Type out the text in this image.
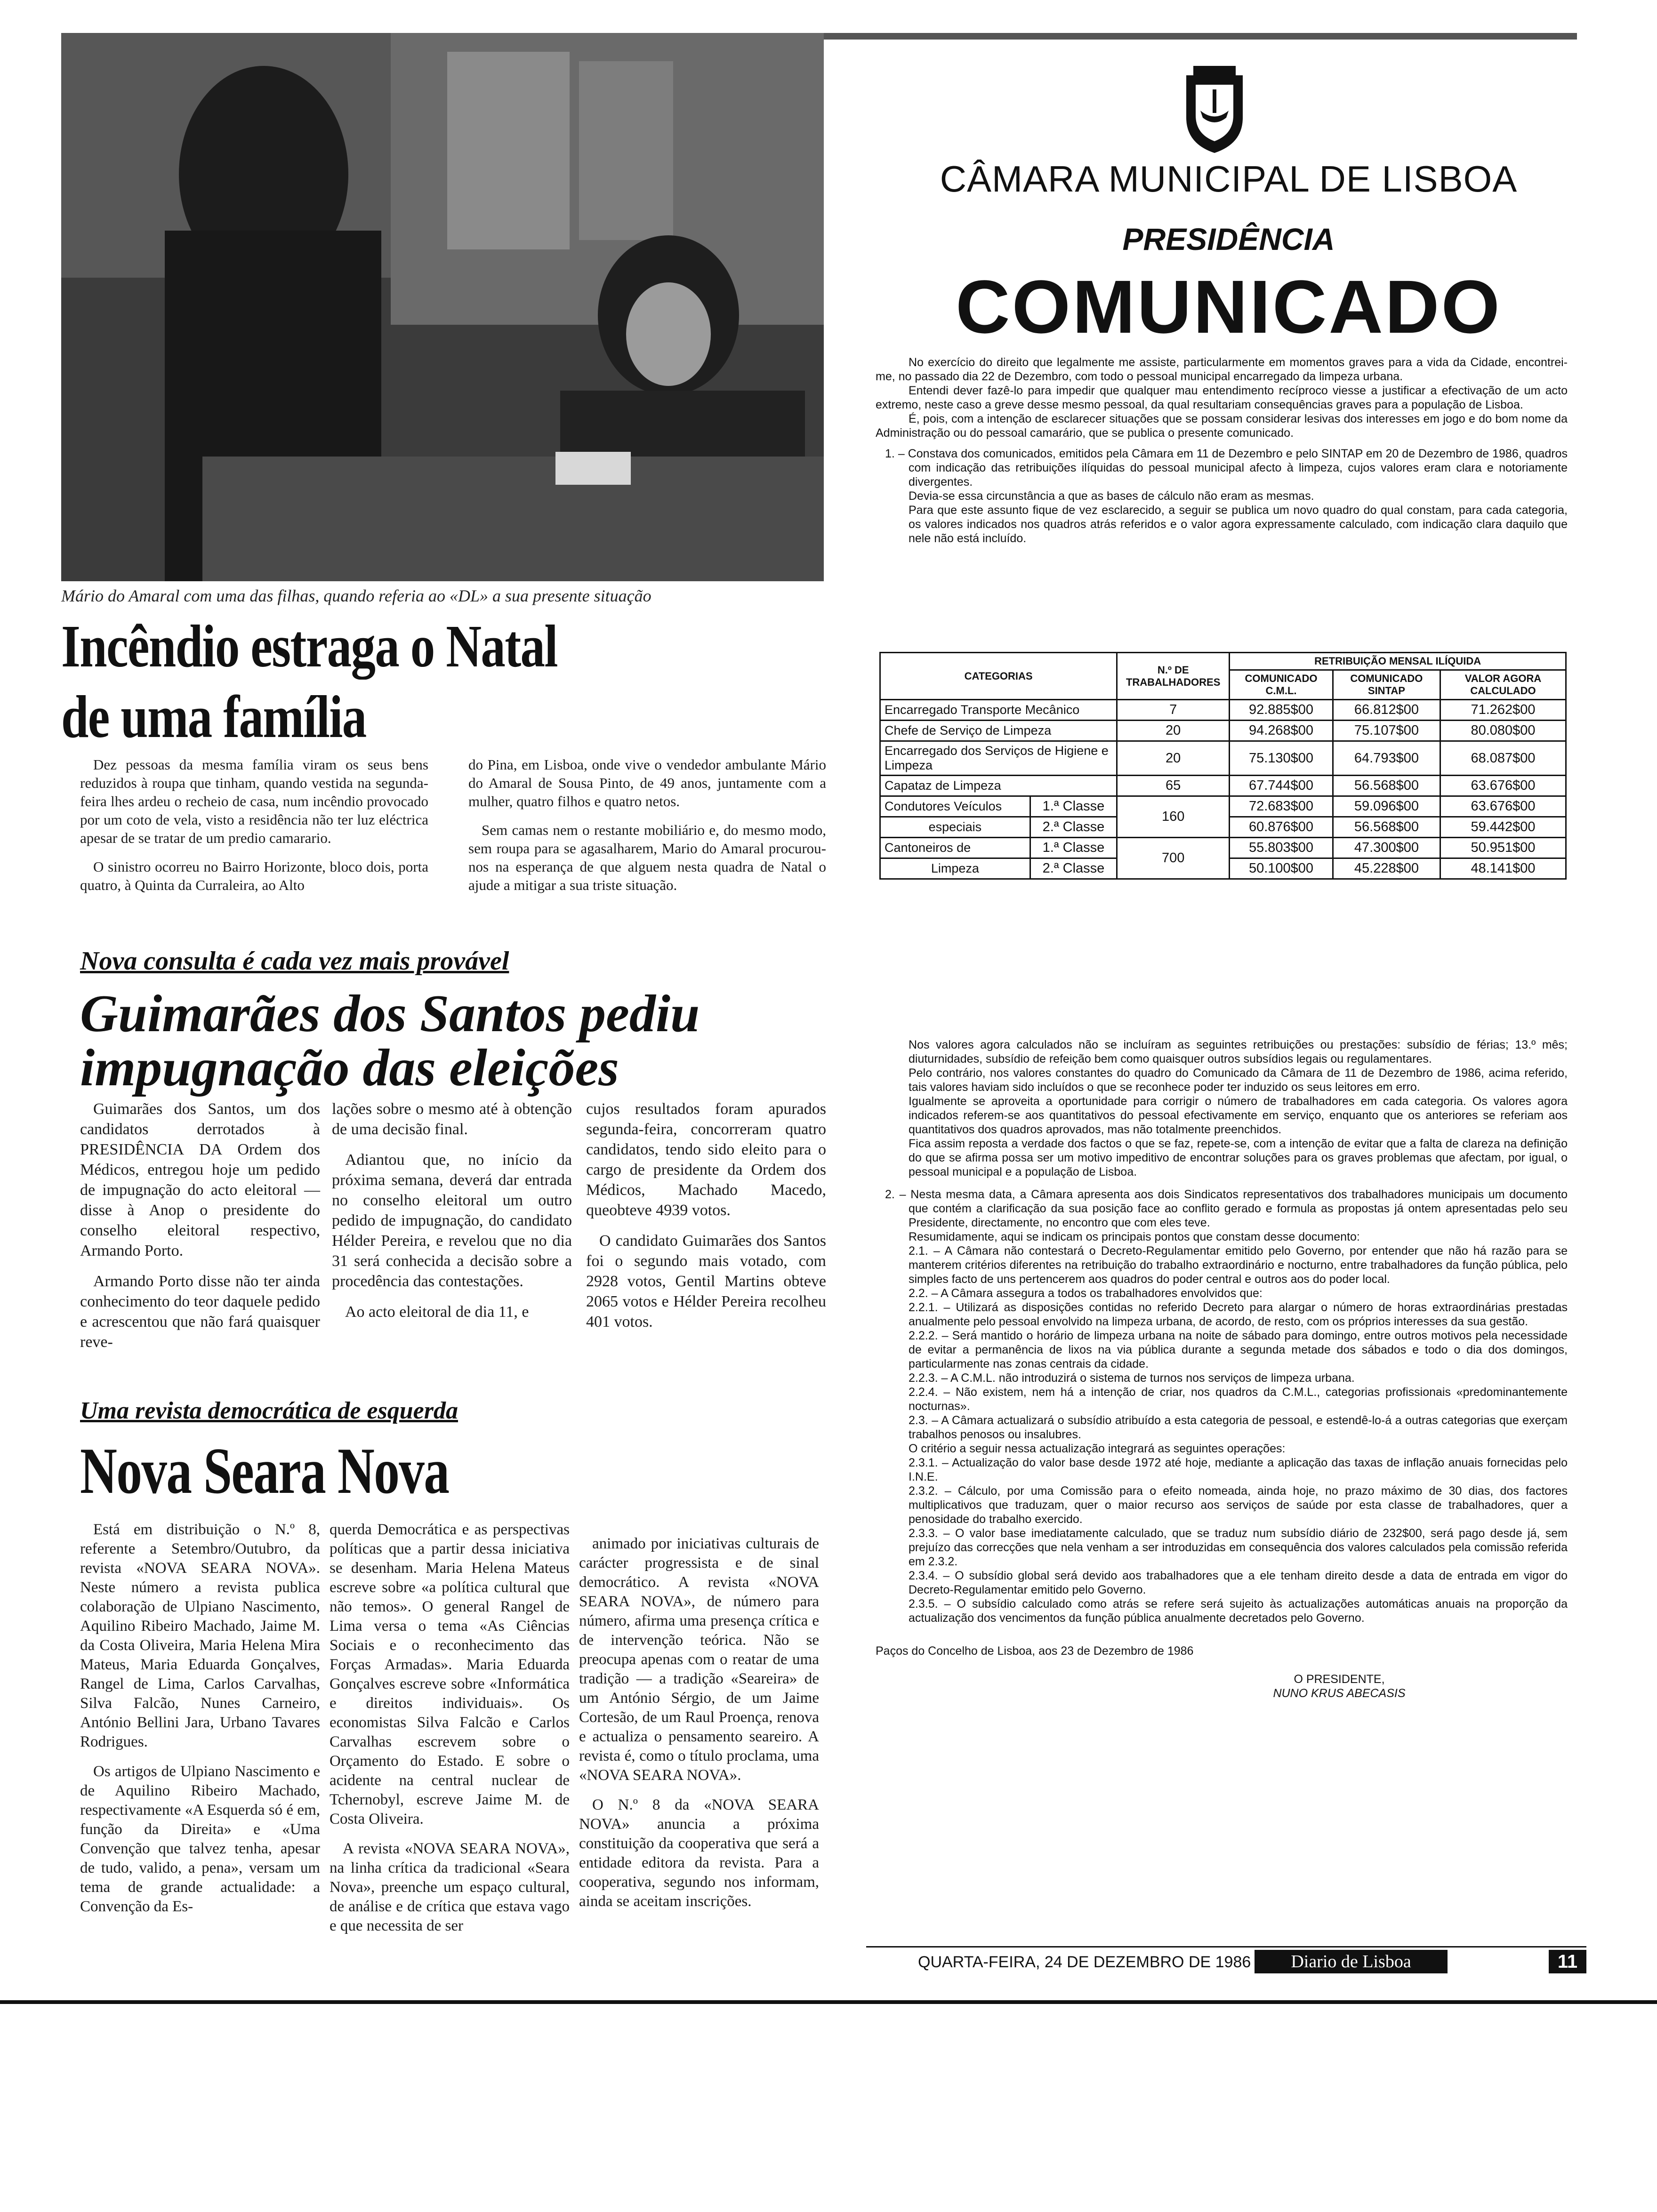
Mário do Amaral com uma das filhas, quando referia ao «DL» a sua presente situação
Incêndio estraga o Natal
de uma família

Dez pessoas da mesma família viram os seus bens reduzidos à roupa que tinham, quando vestida na segunda-feira lhes ardeu o recheio de casa, num incêndio provocado por um coto de vela, visto a residência não ter luz eléctrica apesar de se tratar de um predio camarario.

O sinistro ocorreu no Bairro Horizonte, bloco dois, porta quatro, à Quinta da Curraleira, ao Alto

do Pina, em Lisboa, onde vive o vendedor ambulante Mário do Amaral de Sousa Pinto, de 49 anos, juntamente com a mulher, quatro filhos e quatro netos.

Sem camas nem o restante mobiliário e, do mesmo modo, sem roupa para se agasalharem, Mario do Amaral procurou-nos na esperança de que alguem nesta quadra de Natal o ajude a mitigar a sua triste situação.

Nova consulta é cada vez mais provável
Guimarães dos Santos pediu
impugnação das eleições

Guimarães dos Santos, um dos candidatos derrotados à PRESIDÊNCIA DA Ordem dos Médicos, entregou hoje um pedido de impugnação do acto eleitoral — disse à Anop o presidente do conselho eleitoral respectivo, Armando Porto.

Armando Porto disse não ter ainda conhecimento do teor daquele pedido e acrescentou que não fará quaisquer reve-

lações sobre o mesmo até à obtenção de uma decisão final.

Adiantou que, no início da próxima semana, deverá dar entrada no conselho eleitoral um outro pedido de impugnação, do candidato Hélder Pereira, e revelou que no dia 31 será conhecida a decisão sobre a procedência das contestações.

Ao acto eleitoral de dia 11, e

cujos resultados foram apurados segunda-feira, concorreram quatro candidatos, tendo sido eleito para o cargo de presidente da Ordem dos Médicos, Machado Macedo, queobteve 4939 votos.

O candidato Guimarães dos Santos foi o segundo mais votado, com 2928 votos, Gentil Martins obteve 2065 votos e Hélder Pereira recolheu 401 votos.

Uma revista democrática de esquerda
Nova Seara Nova

Está em distribuição o N.º 8, referente a Setembro/Outubro, da revista «NOVA SEARA NOVA». Neste número a revista publica colaboração de Ulpiano Nascimento, Aquilino Ribeiro Machado, Jaime M. da Costa Oliveira, Maria Helena Mira Mateus, Maria Eduarda Gonçalves, Rangel de Lima, Carlos Carvalhas, Silva Falcão, Nunes Carneiro, António Bellini Jara, Urbano Tavares Rodrigues.

Os artigos de Ulpiano Nascimento e de Aquilino Ribeiro Machado, respectivamente «A Esquerda só é em, função da Direita» e «Uma Convenção que talvez tenha, apesar de tudo, valido, a pena», versam um tema de grande actualidade: a Convenção da Es-

querda Democrática e as perspectivas políticas que a partir dessa iniciativa se desenham. Maria Helena Mateus escreve sobre «a política cultural que não temos». O general Rangel de Lima versa o tema «As Ciências Sociais e o reconhecimento das Forças Armadas». Maria Eduarda Gonçalves escreve sobre «Informática e direitos individuais». Os economistas Silva Falcão e Carlos Carvalhas escrevem sobre o Orçamento do Estado. E sobre o acidente na central nuclear de Tchernobyl, escreve Jaime M. de Costa Oliveira.

A revista «NOVA SEARA NOVA», na linha crítica da tradicional «Seara Nova», preenche um espaço cultural, de análise e de crítica que estava vago e que necessita de ser

animado por iniciativas culturais de carácter progressista e de sinal democrático. A revista «NOVA SEARA NOVA», de número para número, afirma uma presença crítica e de intervenção teórica. Não se preocupa apenas com o reatar de uma tradição — a tradição «Seareira» de um António Sérgio, de um Jaime Cortesão, de um Raul Proença, renova e actualiza o pensamento seareiro. A revista é, como o título proclama, uma «NOVA SEARA NOVA».

O N.º 8 da «NOVA SEARA NOVA» anuncia a próxima constituição da cooperativa que será a entidade editora da revista. Para a cooperativa, segundo nos informam, ainda se aceitam inscrições.

CÂMARA MUNICIPAL DE LISBOA
PRESIDÊNCIA
COMUNICADO

No exercício do direito que legalmente me assiste, particularmente em momentos graves para a vida da Cidade, encontrei-me, no passado dia 22 de Dezembro, com todo o pessoal municipal encarregado da limpeza urbana.

Entendi dever fazê-lo para impedir que qualquer mau entendimento recíproco viesse a justificar a efectivação de um acto extremo, neste caso a greve desse mesmo pessoal, da qual resultariam consequências graves para a população de Lisboa.

É, pois, com a intenção de esclarecer situações que se possam considerar lesivas dos interesses em jogo e do bom nome da Administração ou do pessoal camarário, que se publica o presente comunicado.

1. – Constava dos comunicados, emitidos pela Câmara em 11 de Dezembro e pelo SINTAP em 20 de Dezembro de 1986, quadros com indicação das retribuições ilíquidas do pessoal municipal afecto à limpeza, cujos valores eram clara e notoriamente divergentes.

Devia-se essa circunstância a que as bases de cálculo não eram as mesmas.

Para que este assunto fique de vez esclarecido, a seguir se publica um novo quadro do qual constam, para cada categoria, os valores indicados nos quadros atrás referidos e o valor agora expressamente calculado, com indicação clara daquilo que nele não está incluído.

CATEGORIAS		N.º DE TRABALHADORES	RETRIBUIÇÃO MENSAL ILÍQUIDA		
			COMUNICADO C.M.L.	COMUNICADO SINTAP	VALOR AGORA CALCULADO
Encarregado Transporte Mecânico		7	92.885$00	66.812$00	71.262$00
Chefe de Serviço de Limpeza		20	94.268$00	75.107$00	80.080$00
Encarregado dos Serviços de Higiene e Limpeza		20	75.130$00	64.793$00	68.087$00
Capataz de Limpeza		65	67.744$00	56.568$00	63.676$00
Condutores Veículos	1.ª Classe	160	72.683$00	59.096$00	63.676$00
especiais	2.ª Classe		60.876$00	56.568$00	59.442$00
Cantoneiros de	1.ª Classe	700	55.803$00	47.300$00	50.951$00
Limpeza	2.ª Classe		50.100$00	45.228$00	48.141$00

Nos valores agora calculados não se incluíram as seguintes retribuições ou prestações: subsídio de férias; 13.º mês; diuturnidades, subsídio de refeição bem como quaisquer outros subsídios legais ou regulamentares.

Pelo contrário, nos valores constantes do quadro do Comunicado da Câmara de 11 de Dezembro de 1986, acima referido, tais valores haviam sido incluídos o que se reconhece poder ter induzido os seus leitores em erro.

Igualmente se aproveita a oportunidade para corrigir o número de trabalhadores em cada categoria. Os valores agora indicados referem-se aos quantitativos do pessoal efectivamente em serviço, enquanto que os anteriores se referiam aos quantitativos dos quadros aprovados, mas não totalmente preenchidos.

Fica assim reposta a verdade dos factos o que se faz, repete-se, com a intenção de evitar que a falta de clareza na definição do que se afirma possa ser um motivo impeditivo de encontrar soluções para os graves problemas que afectam, por igual, o pessoal municipal e a população de Lisboa.

2. – Nesta mesma data, a Câmara apresenta aos dois Sindicatos representativos dos trabalhadores municipais um documento que contém a clarificação da sua posição face ao conflito gerado e formula as propostas já ontem apresentadas pelo seu Presidente, directamente, no encontro que com eles teve.

Resumidamente, aqui se indicam os principais pontos que constam desse documento:

2.1. – A Câmara não contestará o Decreto-Regulamentar emitido pelo Governo, por entender que não há razão para se manterem critérios diferentes na retribuição do trabalho extraordinário e nocturno, entre trabalhadores da função pública, pelo simples facto de uns pertencerem aos quadros do poder central e outros aos do poder local.

2.2. – A Câmara assegura a todos os trabalhadores envolvidos que:

2.2.1. – Utilizará as disposições contidas no referido Decreto para alargar o número de horas extraordinárias prestadas anualmente pelo pessoal envolvido na limpeza urbana, de acordo, de resto, com os próprios interesses da sua gestão.

2.2.2. – Será mantido o horário de limpeza urbana na noite de sábado para domingo, entre outros motivos pela necessidade de evitar a permanência de lixos na via pública durante a segunda metade dos sábados e todo o dia dos domingos, particularmente nas zonas centrais da cidade.

2.2.3. – A C.M.L. não introduzirá o sistema de turnos nos serviços de limpeza urbana.

2.2.4. – Não existem, nem há a intenção de criar, nos quadros da C.M.L., categorias profissionais «predominantemente nocturnas».

2.3. – A Câmara actualizará o subsídio atribuído a esta categoria de pessoal, e estendê-lo-á a outras categorias que exerçam trabalhos penosos ou insalubres.

O critério a seguir nessa actualização integrará as seguintes operações:

2.3.1. – Actualização do valor base desde 1972 até hoje, mediante a aplicação das taxas de inflação anuais fornecidas pelo I.N.E.

2.3.2. – Cálculo, por uma Comissão para o efeito nomeada, ainda hoje, no prazo máximo de 30 dias, dos factores multiplicativos que traduzam, quer o maior recurso aos serviços de saúde por esta classe de trabalhadores, quer a penosidade do trabalho exercido.

2.3.3. – O valor base imediatamente calculado, que se traduz num subsídio diário de 232$00, será pago desde já, sem prejuízo das correcções que nela venham a ser introduzidas em consequência dos valores calculados pela comissão referida em 2.3.2.

2.3.4. – O subsídio global será devido aos trabalhadores que a ele tenham direito desde a data de entrada em vigor do Decreto-Regulamentar emitido pelo Governo.

2.3.5. – O subsídio calculado como atrás se refere será sujeito às actualizações automáticas anuais na proporção da actualização dos vencimentos da função pública anualmente decretados pelo Governo.

Paços do Concelho de Lisboa, aos 23 de Dezembro de 1986

O PRESIDENTE,

NUNO KRUS ABECASIS

QUARTA-FEIRA, 24 DE DEZEMBRO DE 1986	Diario de Lisboa	11
